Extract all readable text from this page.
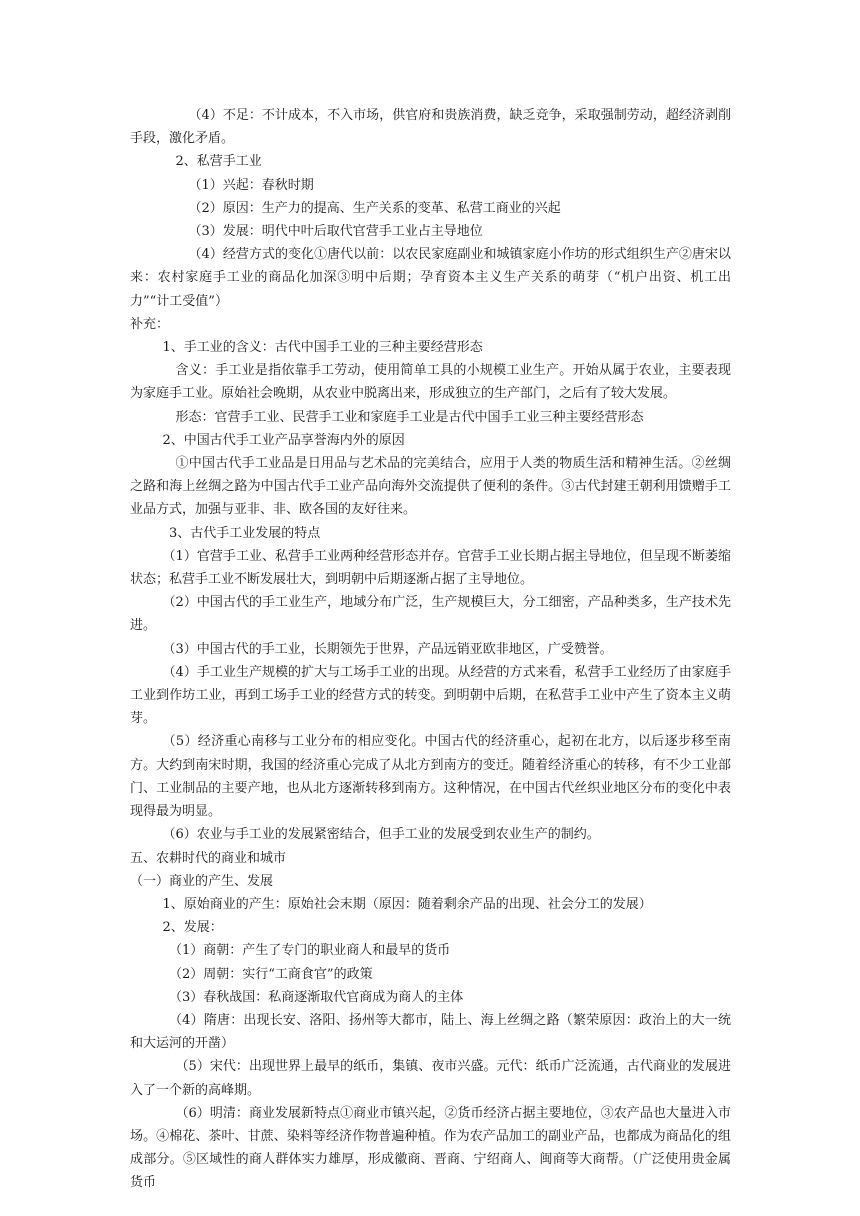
（4）不足：不计成本，不入市场，供官府和贵族消费，缺乏竞争，采取强制劳动，超经济剥削手段，激化矛盾。

2、私营手工业

（1）兴起：春秋时期

（2）原因：生产力的提高、生产关系的变革、私营工商业的兴起

（3）发展：明代中叶后取代官营手工业占主导地位

（4）经营方式的变化①唐代以前：以农民家庭副业和城镇家庭小作坊的形式组织生产②唐宋以来：农村家庭手工业的商品化加深③明中后期；孕育资本主义生产关系的萌芽（“机户出资、机工出力”“计工受值”）

补充：

1、手工业的含义：古代中国手工业的三种主要经营形态

含义：手工业是指依靠手工劳动，使用简单工具的小规模工业生产。开始从属于农业，主要表现为家庭手工业。原始社会晚期，从农业中脱离出来，形成独立的生产部门，之后有了较大发展。

形态：官营手工业、民营手工业和家庭手工业是古代中国手工业三种主要经营形态

2、中国古代手工业产品享誉海内外的原因

①中国古代手工业品是日用品与艺术品的完美结合，应用于人类的物质生活和精神生活。②丝绸之路和海上丝绸之路为中国古代手工业产品向海外交流提供了便利的条件。③古代封建王朝利用馈赠手工业品方式，加强与亚非、非、欧各国的友好往来。

3、古代手工业发展的特点

（1）官营手工业、私营手工业两种经营形态并存。官营手工业长期占据主导地位，但呈现不断萎缩状态；私营手工业不断发展壮大，到明朝中后期逐渐占据了主导地位。

（2）中国古代的手工业生产，地域分布广泛，生产规模巨大，分工细密，产品种类多，生产技术先进。

（3）中国古代的手工业，长期领先于世界，产品远销亚欧非地区，广受赞誉。

（4）手工业生产规模的扩大与工场手工业的出现。从经营的方式来看，私营手工业经历了由家庭手工业到作坊工业，再到工场手工业的经营方式的转变。到明朝中后期，在私营手工业中产生了资本主义萌芽。

（5）经济重心南移与工业分布的相应变化。中国古代的经济重心，起初在北方，以后逐步移至南方。大约到南宋时期，我国的经济重心完成了从北方到南方的变迁。随着经济重心的转移，有不少工业部门、工业制品的主要产地，也从北方逐渐转移到南方。这种情况，在中国古代丝织业地区分布的变化中表现得最为明显。

（6）农业与手工业的发展紧密结合，但手工业的发展受到农业生产的制约。

五、农耕时代的商业和城市

（一）商业的产生、发展

1、原始商业的产生：原始社会末期（原因：随着剩余产品的出现、社会分工的发展）

2、发展：

（1）商朝：产生了专门的职业商人和最早的货币

（2）周朝：实行“工商食官”的政策

（3）春秋战国：私商逐渐取代官商成为商人的主体

（4）隋唐：出现长安、洛阳、扬州等大都市，陆上、海上丝绸之路（繁荣原因：政治上的大一统和大运河的开凿）

（5）宋代：出现世界上最早的纸币，集镇、夜市兴盛。元代：纸币广泛流通，古代商业的发展进入了一个新的高峰期。

（6）明清：商业发展新特点①商业市镇兴起，②货币经济占据主要地位，③农产品也大量进入市场。④棉花、茶叶、甘蔗、染料等经济作物普遍种植。作为农产品加工的副业产品，也都成为商品化的组成部分。⑤区域性的商人群体实力雄厚，形成徽商、晋商、宁绍商人、闽商等大商帮。（广泛使用贵金属货币
